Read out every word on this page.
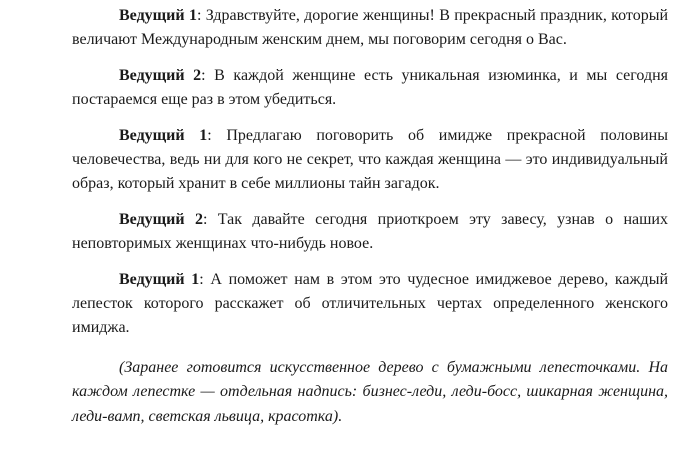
Ведущий 1: Здравствуйте, дорогие женщины! В прекрасный праздник, который величают Международным женским днем, мы поговорим сегодня о Вас.

Ведущий 2: В каждой женщине есть уникальная изюминка, и мы сегодня постараемся еще раз в этом убедиться.

Ведущий 1: Предлагаю поговорить об имидже прекрасной половины человечества, ведь ни для кого не секрет, что каждая женщина — это индивидуальный образ, который хранит в себе миллионы тайн загадок.

Ведущий 2: Так давайте сегодня приоткроем эту завесу, узнав о наших неповторимых женщинах что-нибудь новое.

Ведущий 1: А поможет нам в этом это чудесное имиджевое дерево, каждый лепесток которого расскажет об отличительных чертах определенного женского имиджа.

(Заранее готовится искусственное дерево с бумажными лепесточками. На каждом лепестке — отдельная надпись: бизнес-леди, леди-босс, шикарная женщина, леди-вамп, светская львица, красотка).
